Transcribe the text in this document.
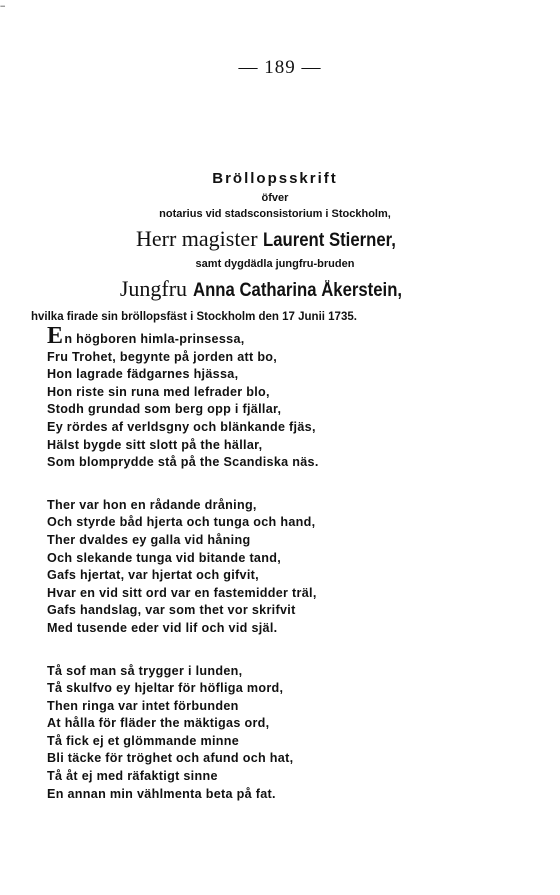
−
— 189 —
Bröllopsskrift
öfver
notarius vid stadsconsistorium i Stockholm,
Herr magister Laurent Stierner,
samt dygdädla jungfru-bruden
Jungfru Anna Catharina Åkerstein,
hvilka firade sin bröllopsfäst i Stockholm den 17 Junii 1735.
En högboren himla-prinsessa,
Fru Trohet, begynte på jorden att bo,
Hon lagrade fädgarnes hjässa,
Hon riste sin runa med lefrader blo,
Stodh grundad som berg opp i fjällar,
Ey rördes af verldsgny och blänkande fjäs,
Hälst bygde sitt slott på the hällar,
Som blomprydde stå på the Scandiska näs.
Ther var hon en rådande dråning,
Och styrde båd hjerta och tunga och hand,
Ther dvaldes ey galla vid håning
Och slekande tunga vid bitande tand,
Gafs hjertat, var hjertat och gifvit,
Hvar en vid sitt ord var en fastemidder träl,
Gafs handslag, var som thet vor skrifvit
Med tusende eder vid lif och vid själ.
Tå sof man så trygger i lunden,
Tå skulfvo ey hjeltar för höfliga mord,
Then ringa var intet förbunden
At hålla för fläder the mäktigas ord,
Tå fick ej et glömmande minne
Bli täcke för tröghet och afund och hat,
Tå åt ej med räfaktigt sinne
En annan min vählmenta beta på fat.
